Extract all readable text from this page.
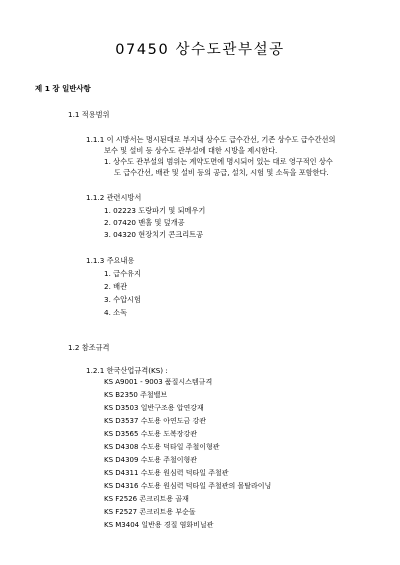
07450 상수도관부설공
제 1 장 일반사항
1.1 적용범위
1.1.1 이 시방서는 명시된대로 부지내 상수도 급수간선, 기존 상수도 급수간선의
보수 및 설비 등 상수도 관부설에 대한 시방을 제시한다.
1. 상수도 관부설의 범위는 계약도면에 명시되어 있는 대로 영구적인 상수
도 급수간선, 배관 및 설비 등의 공급, 설치, 시험 및 소독을 포함한다.
1.1.2 관련시방서
1. 02223 도랑파기 및 되메우기
2. 07420 맨홀 및 덮개공
3. 04320 현장치기 콘크리트공
1.1.3 주요내용
1. 급수유지
2. 배관
3. 수압시험
4. 소독
1.2 참조규격
1.2.1 한국산업규격(KS) :
KS A9001 - 9003 품질시스템규격
KS B2350 주철밸브
KS D3503 일반구조용 압연강재
KS D3537 수도용 아연도금 강관
KS D3565 수도용 도복장강관
KS D4308 수도용 덕타일 주철이형관
KS D4309 수도용 주철이형관
KS D4311 수도용 원심력 덕타일 주철관
KS D4316 수도용 원심력 덕타일 주철관의 몰탈라이닝
KS F2526 콘크리트용 골재
KS F2527 콘크리트용 부순돌
KS M3404 일반용 경질 염화비닐관
